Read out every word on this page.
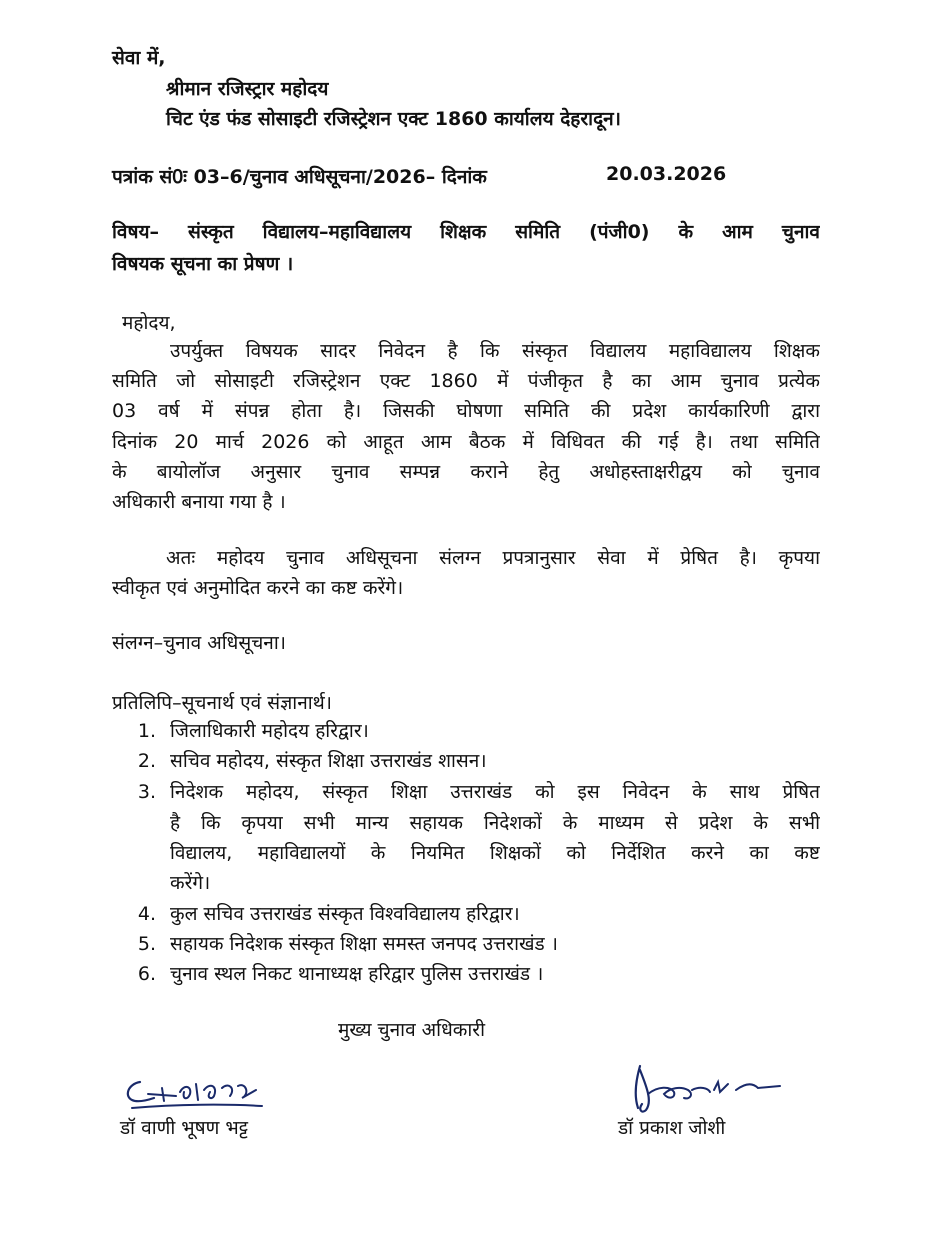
सेवा में,
श्रीमान रजिस्ट्रार महोदय
चिट एंड फंड सोसाइटी रजिस्ट्रेशन एक्ट 1860 कार्यालय देहरादून।
पत्रांक सं0ः 03–6/चुनाव अधिसूचना/2026– दिनांक	20.03.2026
विषय– संस्कृत विद्यालय–महाविद्यालय शिक्षक समिति (पंजी0) के आम चुनाव
विषयक सूचना का प्रेषण ।
महोदय,
उपर्युक्त विषयक सादर निवेदन है कि संस्कृत विद्यालय महाविद्यालय शिक्षक
समिति जो सोसाइटी रजिस्ट्रेशन एक्ट 1860 में पंजीकृत है का आम चुनाव प्रत्येक
03 वर्ष में संपन्न होता है। जिसकी घोषणा समिति की प्रदेश कार्यकारिणी द्वारा
दिनांक 20 मार्च 2026 को आहूत आम बैठक में विधिवत की गई है। तथा समिति
के बायोलॉज अनुसार चुनाव सम्पन्न कराने हेतु अधोहस्ताक्षरीद्वय को चुनाव
अधिकारी बनाया गया है ।
अतः महोदय चुनाव अधिसूचना संलग्न प्रपत्रानुसार सेवा में प्रेषित है। कृपया
स्वीकृत एवं अनुमोदित करने का कष्ट करेंगे।
संलग्न–चुनाव अधिसूचना।
प्रतिलिपि–सूचनार्थ एवं संज्ञानार्थ।
1. जिलाधिकारी महोदय हरिद्वार।
2. सचिव महोदय, संस्कृत शिक्षा उत्तराखंड शासन।
3. निदेशक महोदय, संस्कृत शिक्षा उत्तराखंड को इस निवेदन के साथ प्रेषित
है कि कृपया सभी मान्य सहायक निदेशकों के माध्यम से प्रदेश के सभी
विद्यालय, महाविद्यालयों के नियमित शिक्षकों को निर्देशित करने का कष्ट
करेंगे।
4. कुल सचिव उत्तराखंड संस्कृत विश्वविद्यालय हरिद्वार।
5. सहायक निदेशक संस्कृत शिक्षा समस्त जनपद उत्तराखंड ।
6. चुनाव स्थल निकट थानाध्यक्ष हरिद्वार पुलिस उत्तराखंड ।
मुख्य चुनाव अधिकारी
डॉ वाणी भूषण भट्ट	डॉ प्रकाश जोशी
